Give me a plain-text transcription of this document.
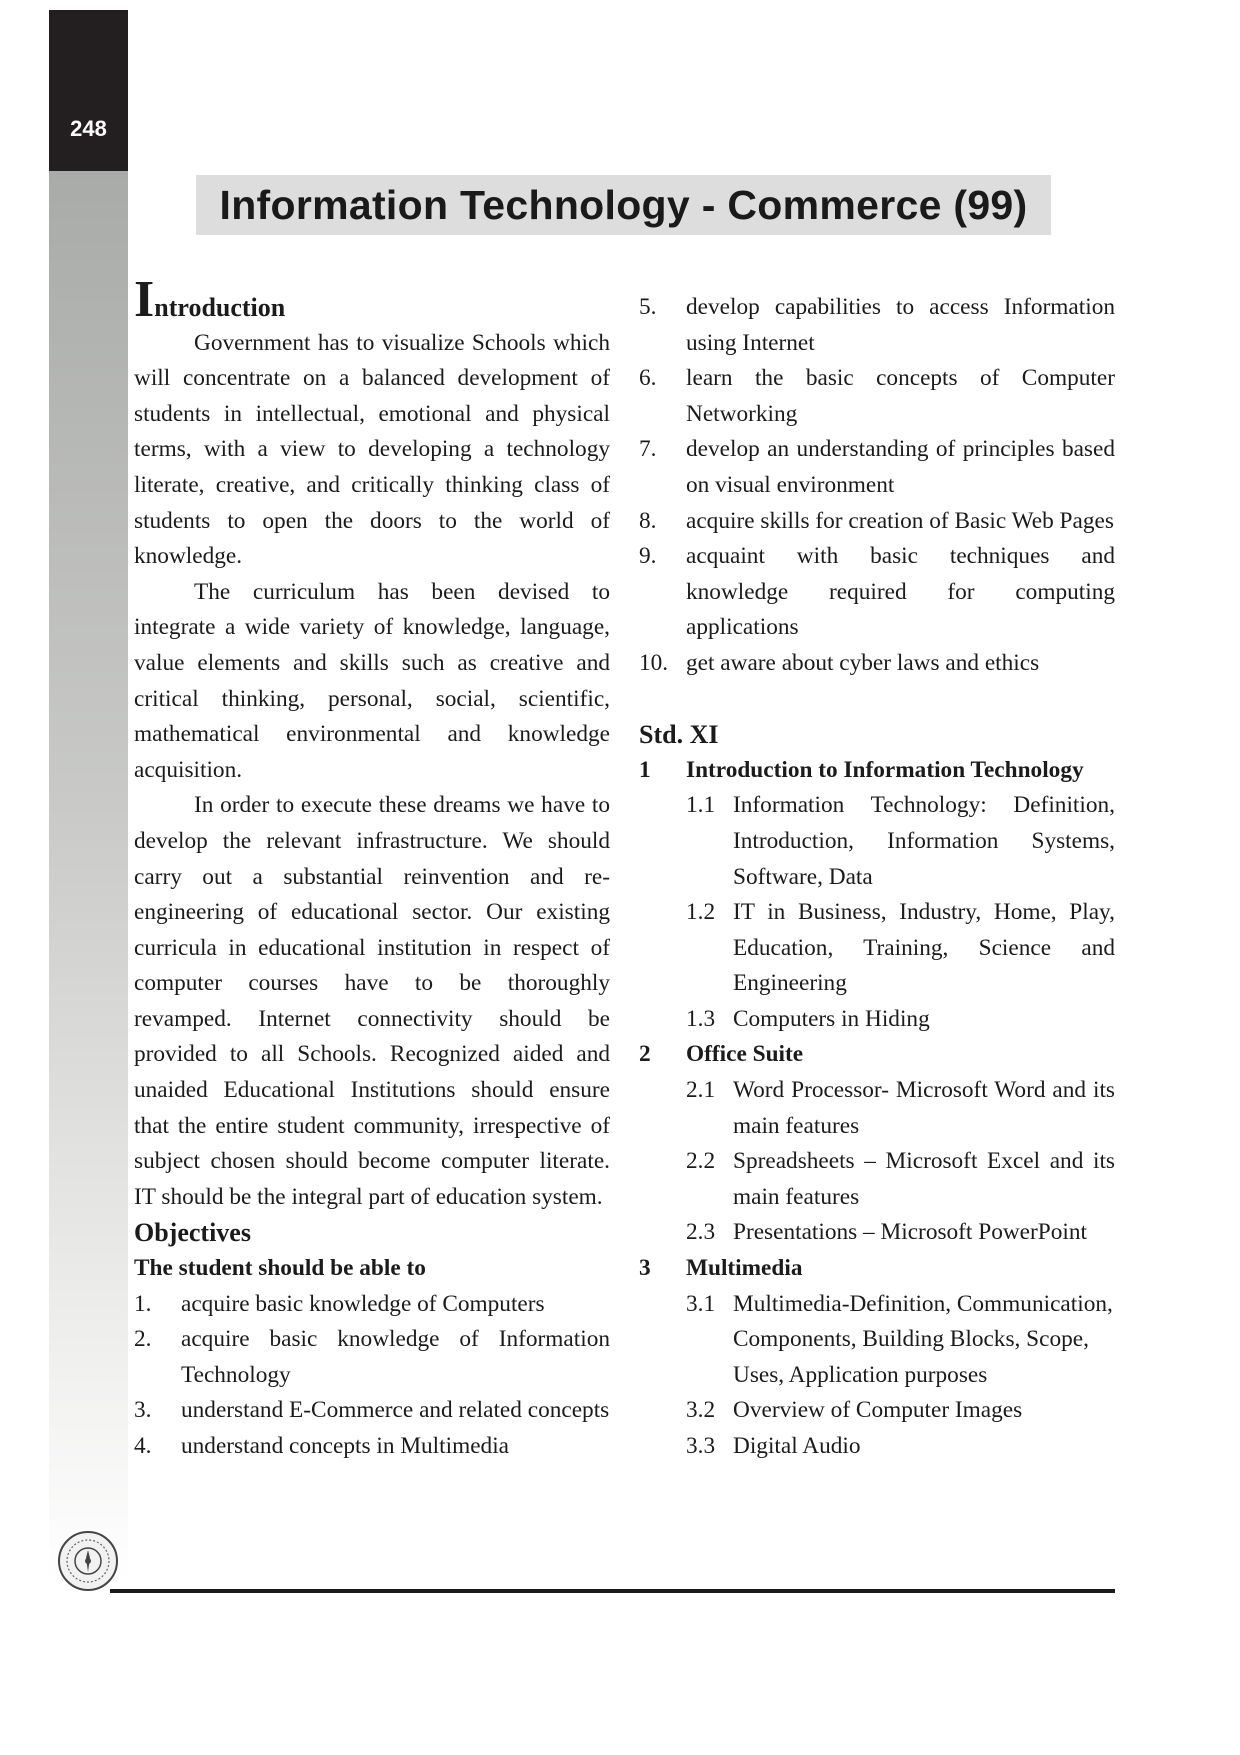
248
Information Technology - Commerce (99)
Introduction

Government has to visualize Schools which will concentrate on a balanced development of students in intellectual, emotional and physical terms, with a view to developing a technology literate, creative, and critically thinking class of students to open the doors to the world of knowledge.

The curriculum has been devised to integrate a wide variety of knowledge, language, value elements and skills such as creative and critical thinking, personal, social, scientific, mathematical environmental and knowledge acquisition.

In order to execute these dreams we have to develop the relevant infrastructure. We should carry out a substantial reinvention and re-engineering of educational sector. Our existing curricula in educational institution in respect of computer courses have to be thoroughly revamped. Internet connectivity should be provided to all Schools. Recognized aided and unaided Educational Institutions should ensure that the entire student community, irrespective of subject chosen should become computer literate. IT should be the integral part of education system.

Objectives
The student should be able to
1.	acquire basic knowledge of Computers
2.	acquire basic knowledge of Information Technology
3.	understand E-Commerce and related concepts
4.	understand concepts in Multimedia
5.	develop capabilities to access Information using Internet
6.	learn the basic concepts of Computer Networking
7.	develop an understanding of principles based on visual environment
8.	acquire skills for creation of Basic Web Pages
9.	acquaint with basic techniques and knowledge required for computing applications
10. get aware about cyber laws and ethics
Std. XI
1	Introduction to Information Technology
1.1 Information Technology: Definition, Introduction, Information Systems, Software, Data
1.2 IT in Business, Industry, Home, Play, Education, Training, Science and Engineering
1.3 Computers in Hiding
2	Office Suite
2.1 Word Processor- Microsoft Word and its main features
2.2 Spreadsheets – Microsoft Excel and its main features
2.3 Presentations – Microsoft PowerPoint
3	Multimedia
3.1 Multimedia-Definition, Communication, Components, Building Blocks, Scope, Uses, Application purposes
3.2 Overview of Computer Images
3.3 Digital Audio
